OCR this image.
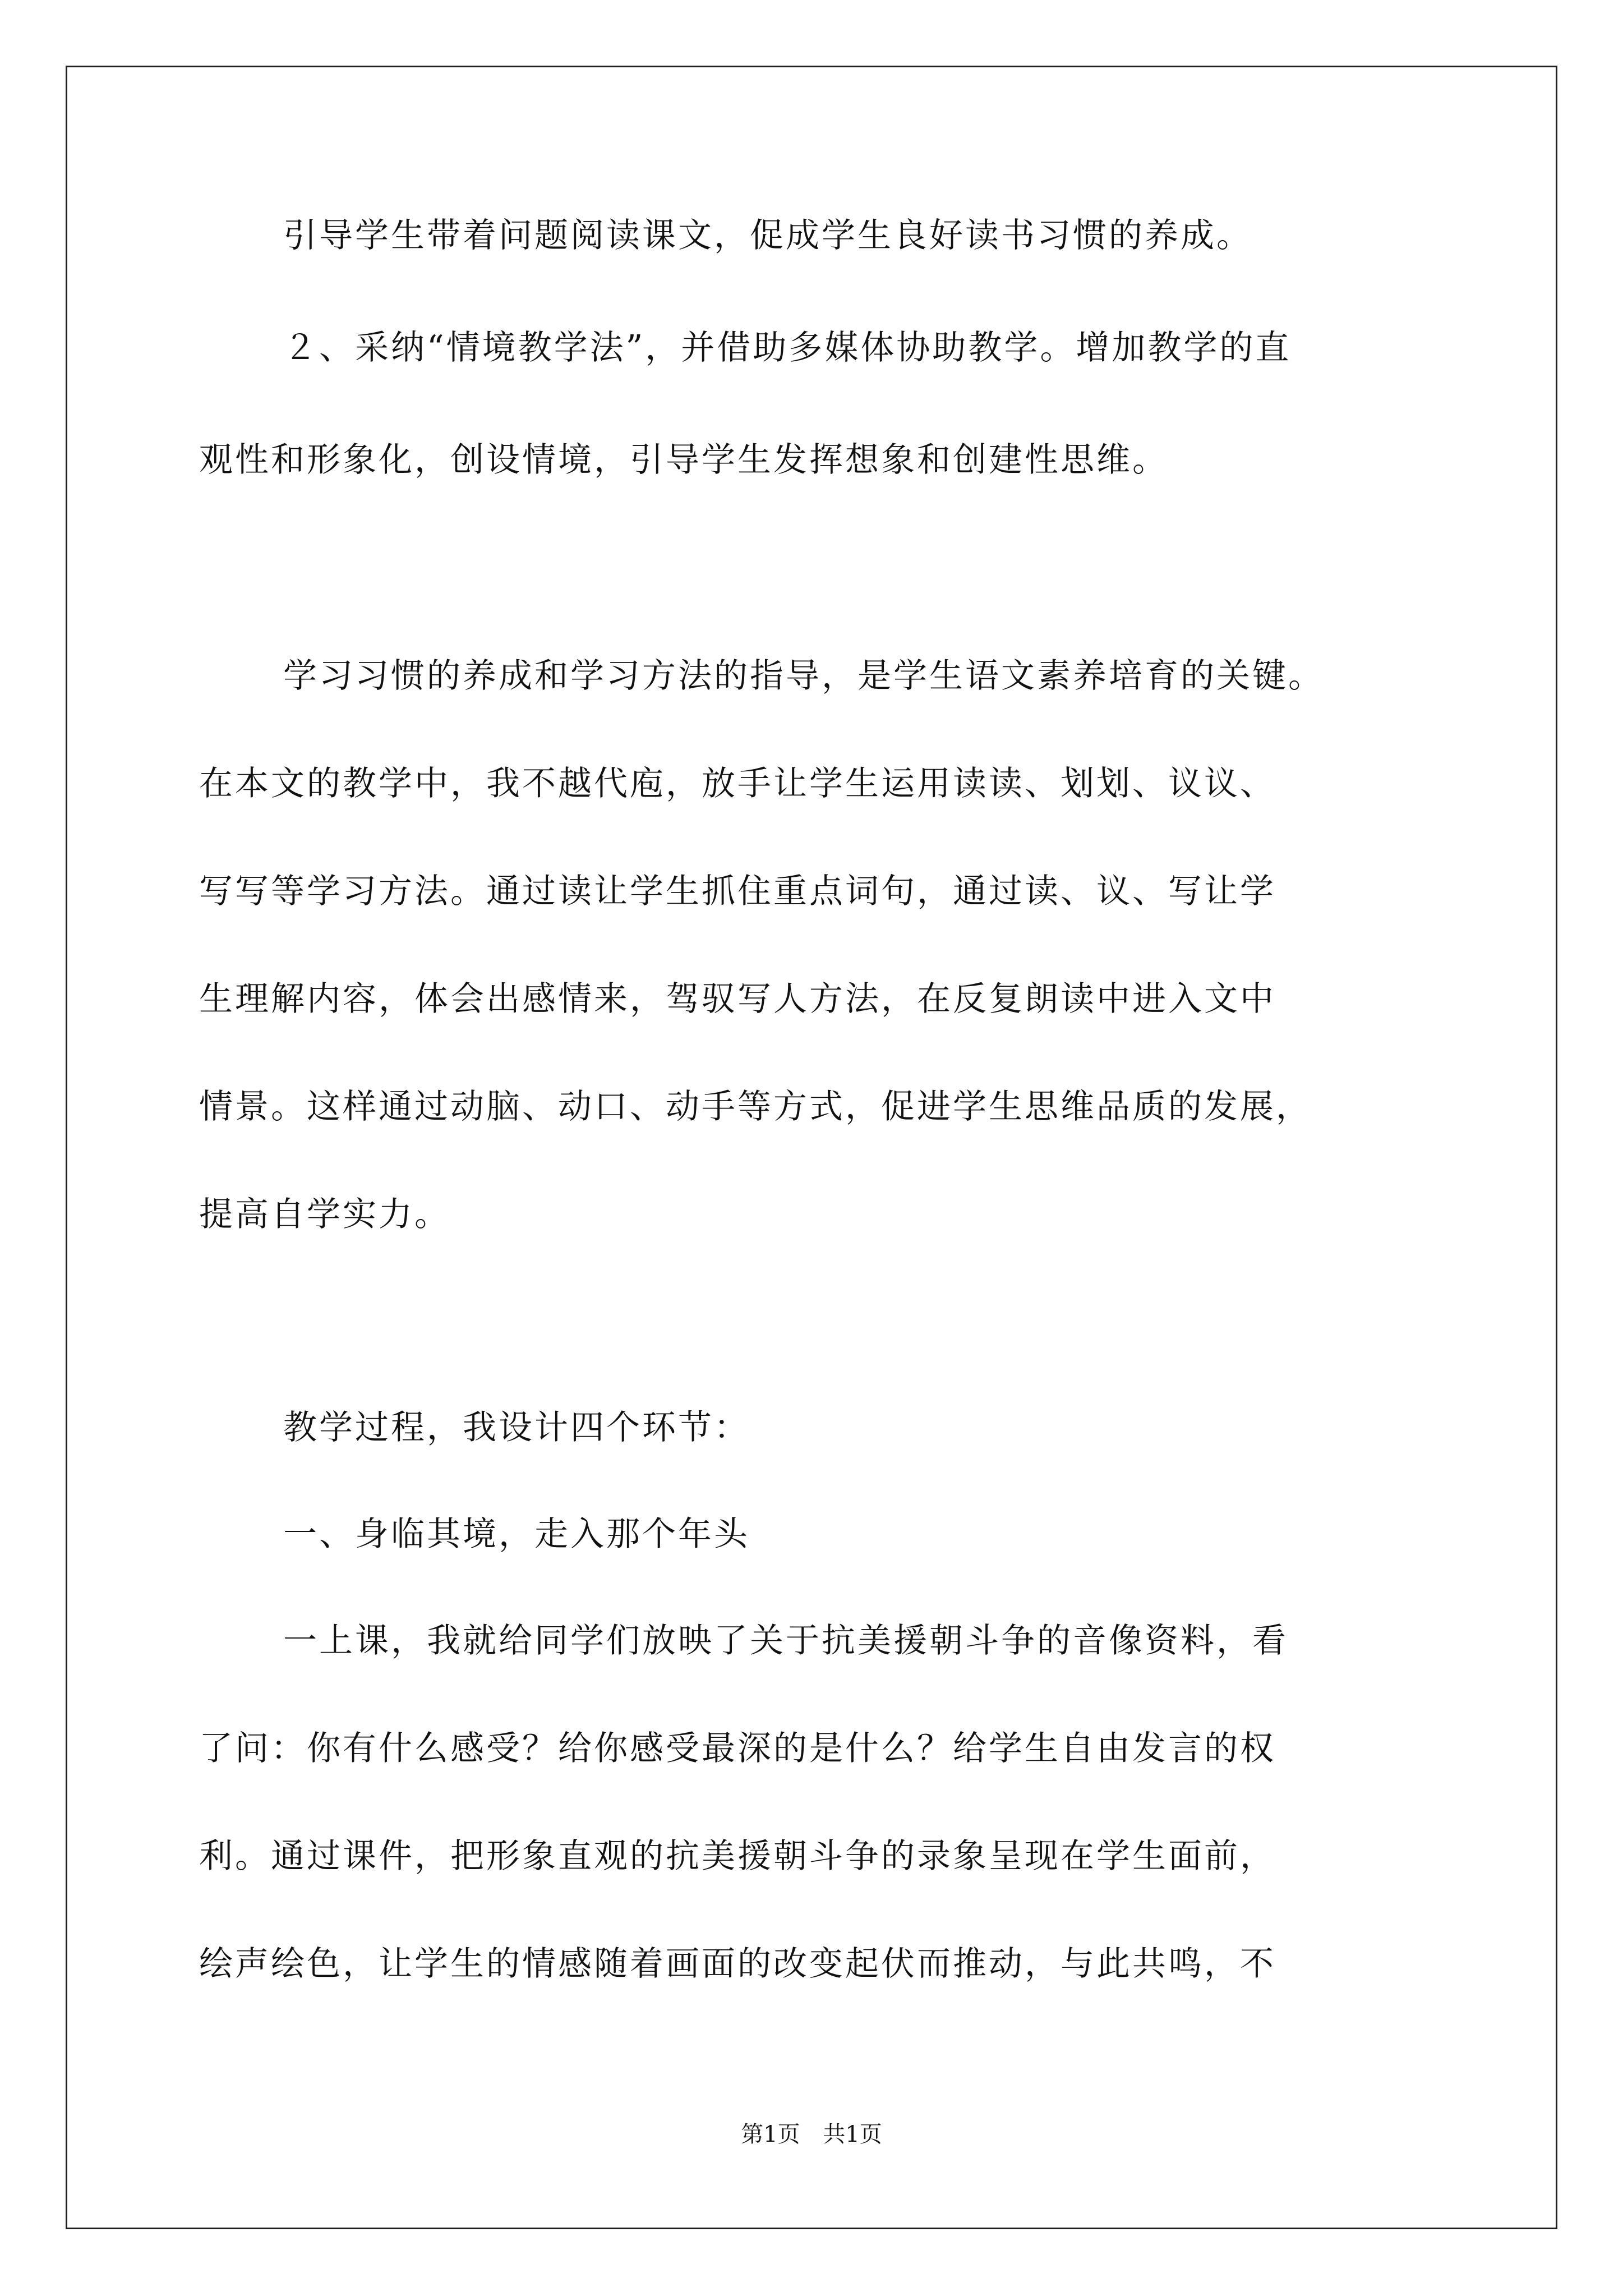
引导学生带着问题阅读课文，促成学生良好读书习惯的养成。

２、采纳“情境教学法”，并借助多媒体协助教学。增加教学的直

观性和形象化，创设情境，引导学生发挥想象和创建性思维。

学习习惯的养成和学习方法的指导，是学生语文素养培育的关键。

在本文的教学中，我不越代庖，放手让学生运用读读、划划、议议、

写写等学习方法。通过读让学生抓住重点词句，通过读、议、写让学

生理解内容，体会出感情来，驾驭写人方法，在反复朗读中进入文中

情景。这样通过动脑、动口、动手等方式，促进学生思维品质的发展，

提高自学实力。

教学过程，我设计四个环节：

一、身临其境，走入那个年头

一上课，我就给同学们放映了关于抗美援朝斗争的音像资料，看

了问：你有什么感受？给你感受最深的是什么？给学生自由发言的权

利。通过课件，把形象直观的抗美援朝斗争的录象呈现在学生面前，

绘声绘色，让学生的情感随着画面的改变起伏而推动，与此共鸣，不

第1页 共1页
